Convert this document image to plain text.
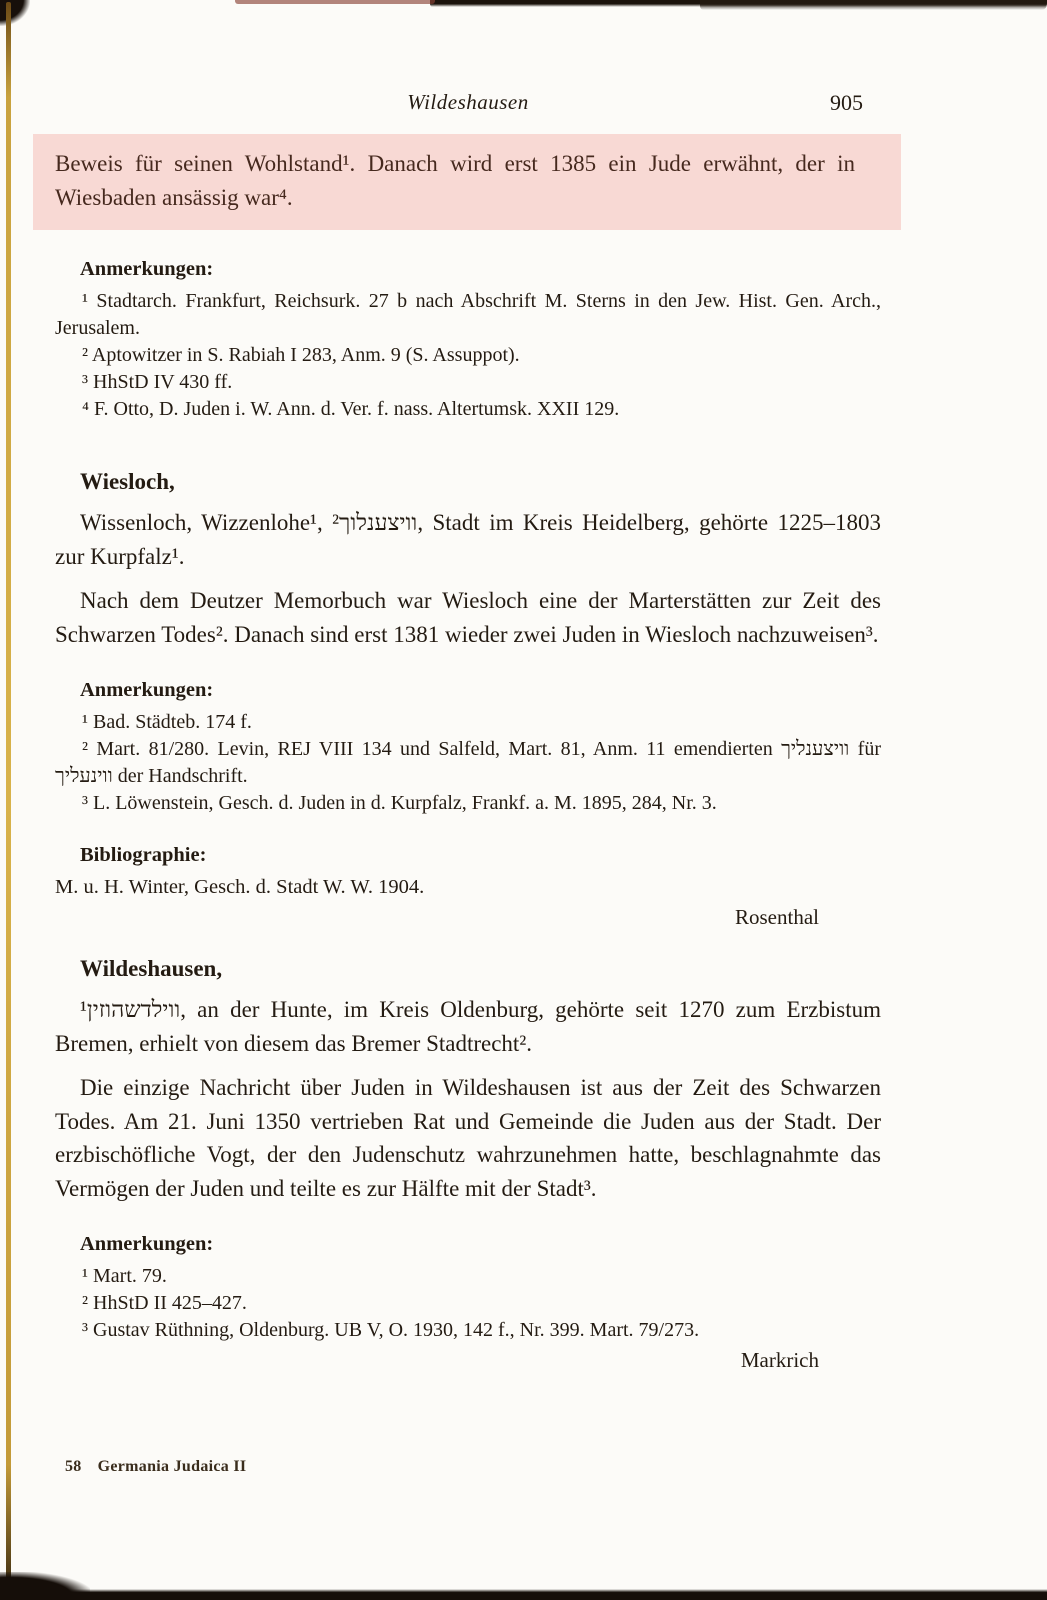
Wildeshausen	905
Beweis für seinen Wohlstand¹. Danach wird erst 1385 ein Jude erwähnt, der in Wiesbaden ansässig war⁴.
Anmerkungen:

¹ Stadtarch. Frankfurt, Reichsurk. 27 b nach Abschrift M. Sterns in den Jew. Hist. Gen. Arch., Jerusalem.

² Aptowitzer in S. Rabiah I 283, Anm. 9 (S. Assuppot).

³ HhStD IV 430 ff.

⁴ F. Otto, D. Juden i. W. Ann. d. Ver. f. nass. Altertumsk. XXII 129.

Wiesloch,

Wissenloch, Wizzenlohe¹, וויצענלוך², Stadt im Kreis Heidelberg, gehörte 1225–1803 zur Kurpfalz¹.

Nach dem Deutzer Memorbuch war Wiesloch eine der Marterstätten zur Zeit des Schwarzen Todes². Danach sind erst 1381 wieder zwei Juden in Wiesloch nachzuweisen³.

Anmerkungen:

¹ Bad. Städteb. 174 f.

² Mart. 81/280. Levin, REJ VIII 134 und Salfeld, Mart. 81, Anm. 11 emendierten וויצענליך für ווינעליך der Handschrift.

³ L. Löwenstein, Gesch. d. Juden in d. Kurpfalz, Frankf. a. M. 1895, 284, Nr. 3.

Bibliographie:
M. u. H. Winter, Gesch. d. Stadt W. W. 1904.
Rosenthal
Wildeshausen,

ווילדשהוזין¹, an der Hunte, im Kreis Oldenburg, gehörte seit 1270 zum Erzbistum Bremen, erhielt von diesem das Bremer Stadtrecht².

Die einzige Nachricht über Juden in Wildeshausen ist aus der Zeit des Schwarzen Todes. Am 21. Juni 1350 vertrieben Rat und Gemeinde die Juden aus der Stadt. Der erzbischöfliche Vogt, der den Judenschutz wahrzunehmen hatte, beschlagnahmte das Vermögen der Juden und teilte es zur Hälfte mit der Stadt³.

Anmerkungen:

¹ Mart. 79.

² HhStD II 425–427.

³ Gustav Rüthning, Oldenburg. UB V, O. 1930, 142 f., Nr. 399. Mart. 79/273.

Markrich
58 Germania Judaica II
